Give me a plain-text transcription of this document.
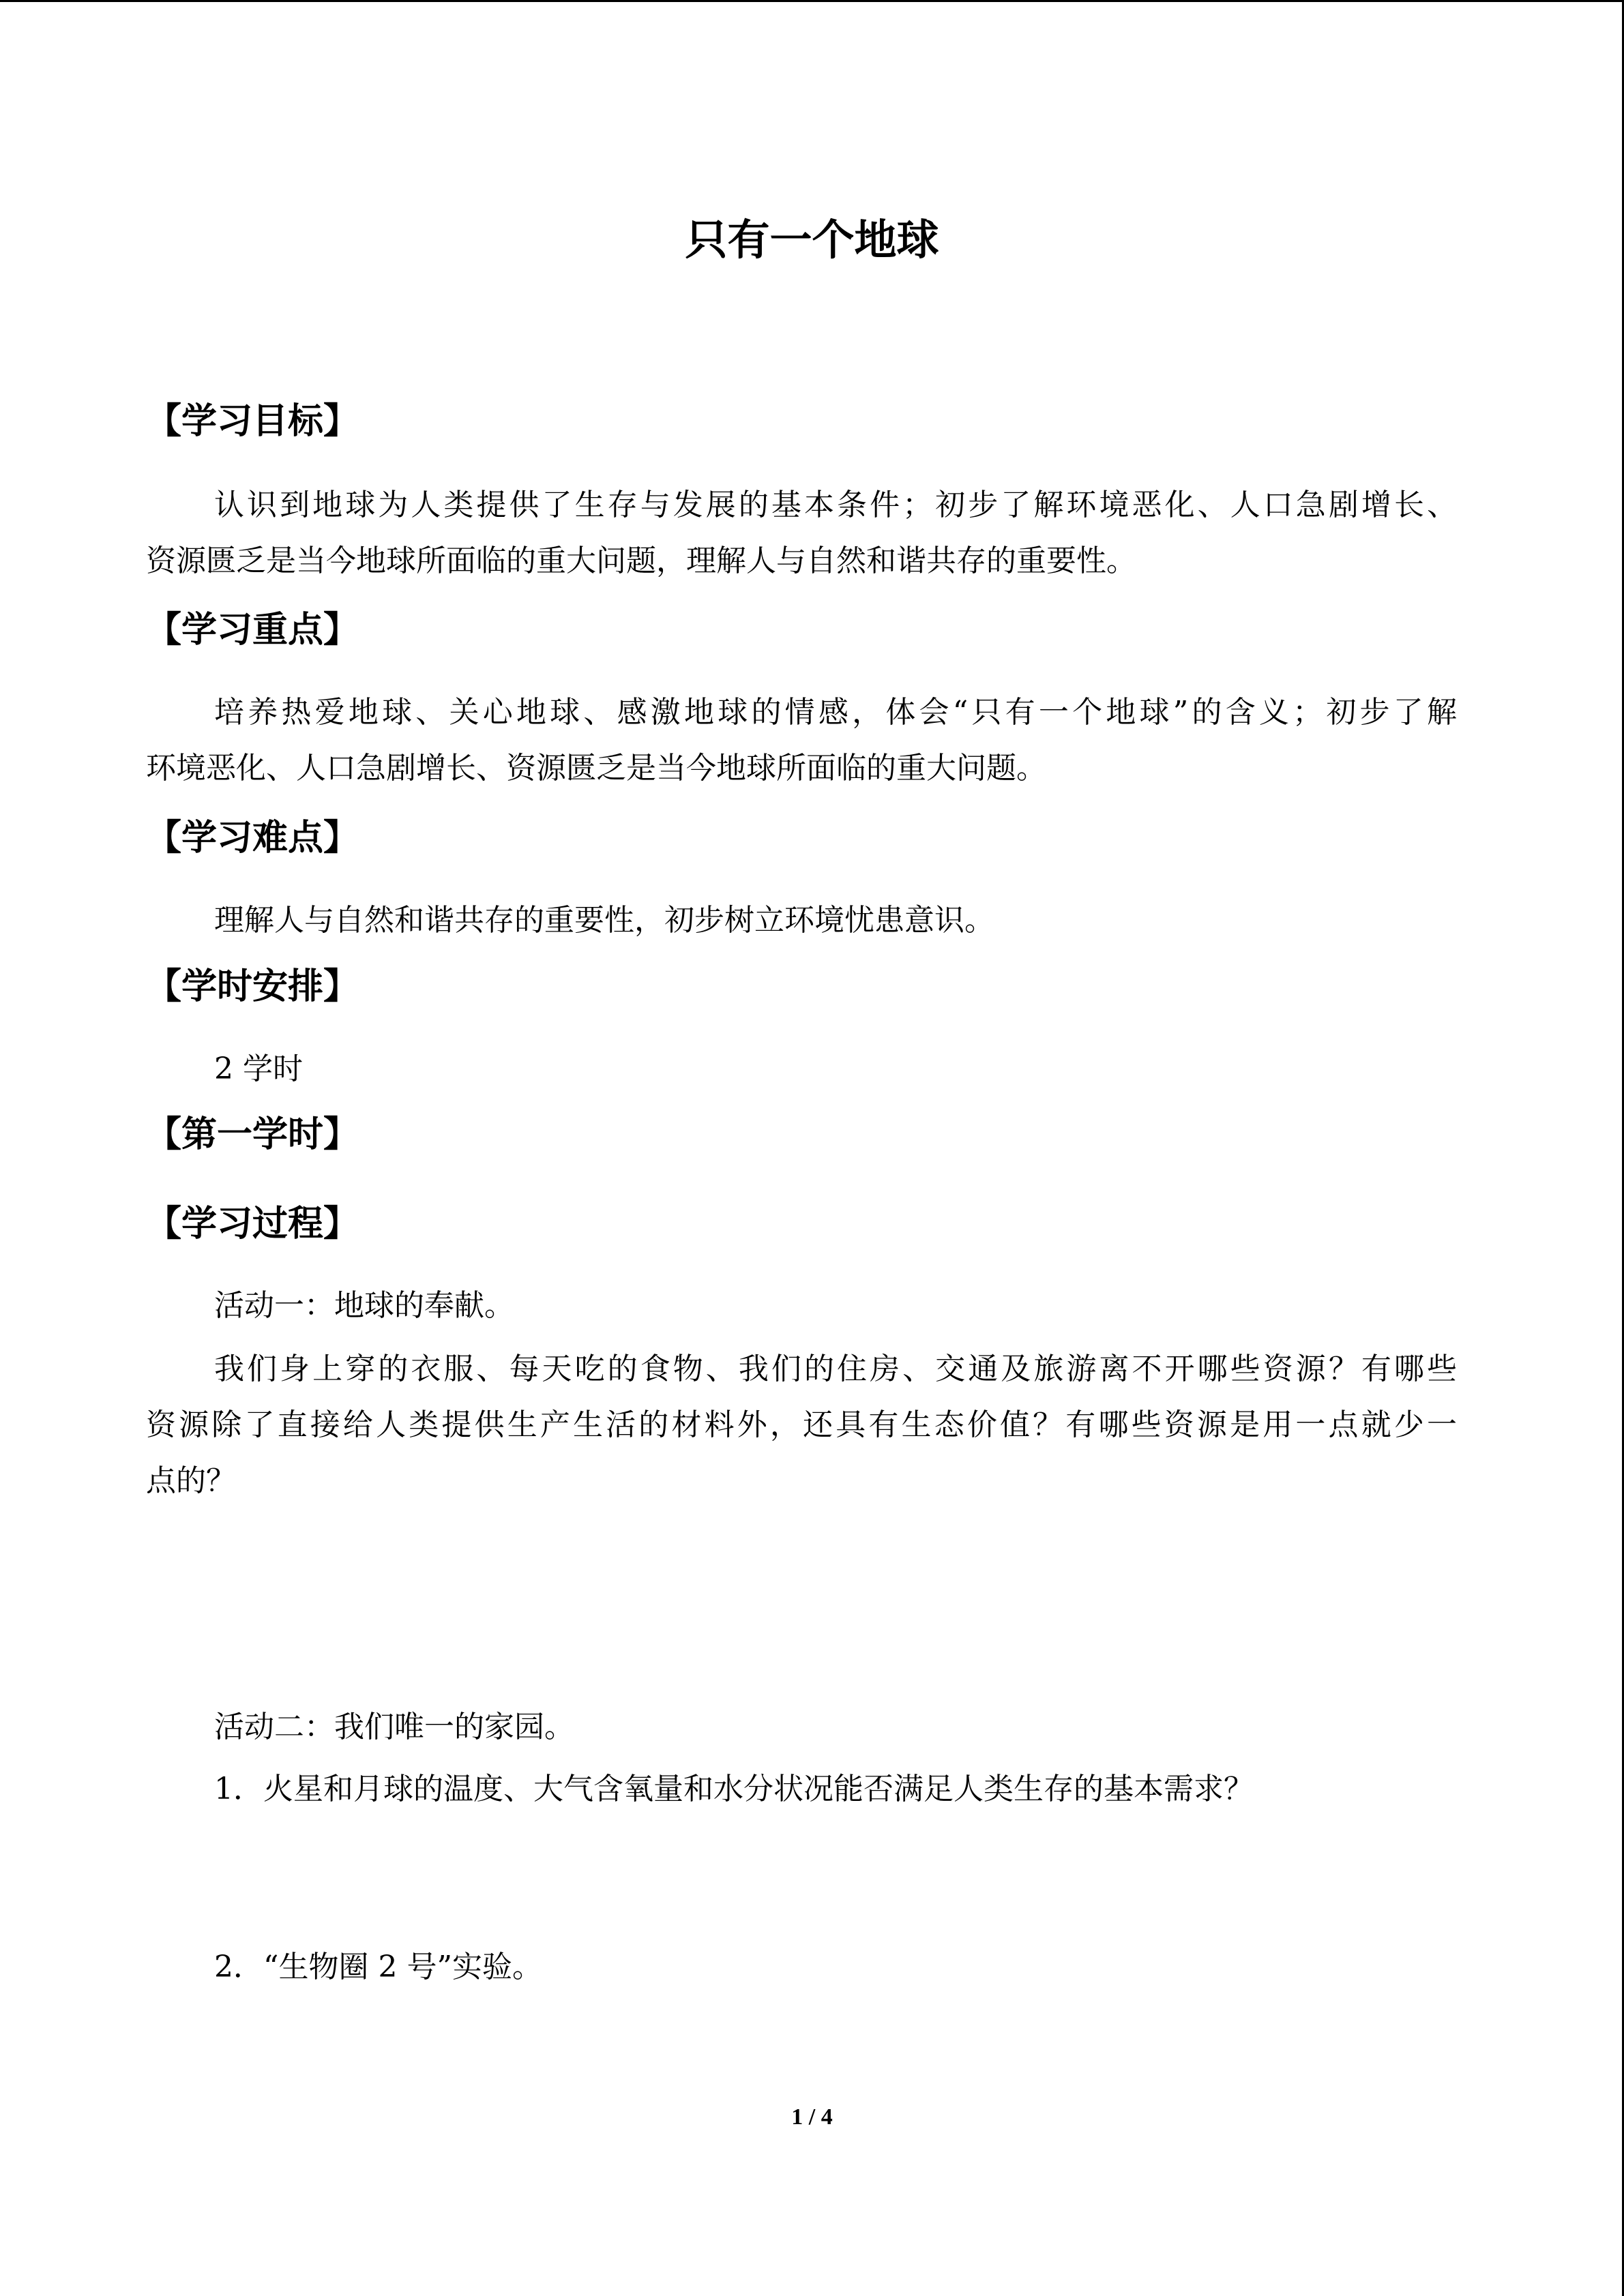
只有一个地球
【学习目标】
认识到地球为人类提供了生存与发展的基本条件；初步了解环境恶化、人口急剧增长、
资源匮乏是当今地球所面临的重大问题，理解人与自然和谐共存的重要性。
【学习重点】
培养热爱地球、关心地球、感激地球的情感，体会“只有一个地球”的含义；初步了解
环境恶化、人口急剧增长、资源匮乏是当今地球所面临的重大问题。
【学习难点】

理解人与自然和谐共存的重要性，初步树立环境忧患意识。

【学时安排】

2 学时

【第一学时】
【学习过程】

活动一：地球的奉献。

我们身上穿的衣服、每天吃的食物、我们的住房、交通及旅游离不开哪些资源？有哪些
资源除了直接给人类提供生产生活的材料外，还具有生态价值？有哪些资源是用一点就少一
点的？

活动二：我们唯一的家园。

1．火星和月球的温度、大气含氧量和水分状况能否满足人类生存的基本需求？

2．“生物圈 2 号”实验。

1 / 4
